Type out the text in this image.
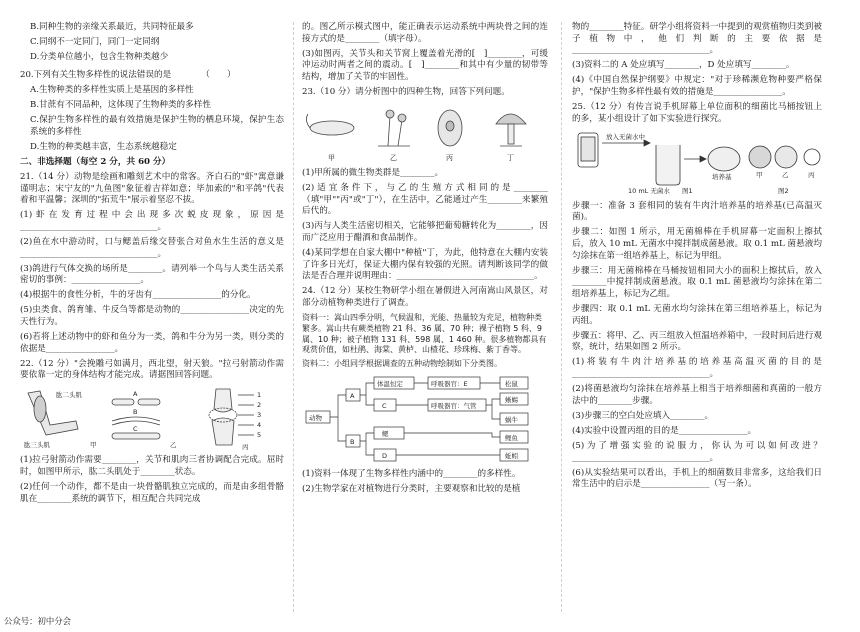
B.同种生物的亲缘关系最近，共同特征最多
C.同纲不一定同门，同门一定同纲
D.分类单位越小，包含生物种类越少
20.下列有关生物多样性的说法错误的是　　　　（　　）
A.生物种类的多样性实质上是基因的多样性
B.甘蔗有不同品种，这体现了生物种类的多样性
C.保护生物多样性的最有效措施是保护生物的栖息环境，保护生态系统的多样性
D.生物的种类越丰富，生态系统越稳定
二、非选择题（每空 2 分，共 60 分）
21.（14 分）动物是绘画和雕刻艺术中的常客。齐白石的"虾"寓意谦谨明志；宋宁友的"九鱼图"象征着吉祥如意；毕加索的"和平鸽"代表着和平温馨；深圳的"拓荒牛"展示着坚忍不拔。
(1)虾在发育过程中会出现多次蜕皮现象，原因是________________________________。
(2)鱼在水中游动时，口与鳃盖后缘交替张合对鱼水生生活的意义是________________________________。
(3)鸽进行气体交换的场所是________。请列举一个鸟与人类生活关系密切的事例：________________。
(4)根据牛的食性分析，牛的牙齿有________________的分化。
(5)虫类食、鸽育雏、牛反刍等都是动物的________________决定的先天性行为。
(6)若将上述动物中的虾和鱼分为一类，鸽和牛分为另一类，则分类的依据是________________。
22.（12 分）"会挽雕弓如满月，西北望，射天狼。"拉弓射箭动作需要依靠一定的身体结构才能完成。请据图回答问题。
肱二头肌
肱三头肌
A
B
C
1
2
3
4
5
甲	乙	丙
(1)拉弓射箭动作需要________，关节和肌肉三者协调配合完成。屈时时，如图甲所示，肱二头肌处于________状态。
(2)任何一个动作，都不是由一块骨骼肌独立完成的，而是由多组骨骼肌在________系统的调节下，相互配合共同完成
的。图乙所示模式图中，能正确表示运动系统中两块骨之间的连接方式的是________（填字母）。
(3)如图丙，关节头和关节窝上覆盖着光滑的[　]________，可缓冲运动时两者之间的震动。[　]________和其中有少量的韧带等结构，增加了关节的牢固性。
23.（10 分）请分析图中的四种生物，回答下列问题。
甲	乙	丙	丁
(1)甲所属的微生物类群是________。
(2)适宜条件下，与乙的生殖方式相同的是________（填"甲""丙"或"丁"），在生活中，乙能通过产生________来繁殖后代的。
(3)丙与人类生活密切相关，它能够把葡萄糖转化为________，因而广泛应用于醋酒和食品制作。
(4)某同学想在自家大棚中"种植"丁，为此，他特意在大棚内安装了许多日光灯，保证大棚内保有较强的光照。请判断该同学的做法是否合理并说明理由：________________________________。
24.（12 分）某校生物研学小组在暑假进入河南嵩山风景区，对部分动植物种类进行了调查。
资料一：嵩山四季分明，气候温和，光能、热量较为充足，植物种类繁多。嵩山共有蕨类植物 21 科、36 属、70 种；裸子植物 5 科、9 属、10 种；被子植物 131 科、598 属、1 460 种。很多植物都具有观赏价值，如杜鹃、海棠、黄栌、山楂花、珍珠梅、紫丁香等。
资料二：小组同学根据调查的五种动物绘制如下分类图。
动物
A
B
体温恒定
C
鳃
D
呼吸器官：E
呼吸器官：气管
松鼠
蜥蜴
蜗牛
鲤鱼
蚯蚓
(1)资料一体现了生物多样性内涵中的________的多样性。
(2)生物学家在对植物进行分类时，主要观察和比较的是植
物的________特征。研学小组将资料一中提到的观赏植物归类到被子植物中，他们判断的主要依据是________________________________。
(3)资料二的 A 处应填写________，D 处应填写________。
(4)《中国自然保护纲要》中规定："对于珍稀濒危物种要严格保护，"保护生物多样性最有效的措施是________________。
25.（12 分）有传言说手机屏幕上单位面积的细菌比马桶按钮上的多，某小组设计了如下实验进行探究。
放入无菌水中
培养基
10 mL 无菌水
甲	乙	丙
图1	图2
步骤一：准备 3 套相同的装有牛肉汁培养基的培养基(已高温灭菌)。
步骤二：如图 1 所示，用无菌棉棒在手机屏幕一定面积上擦拭后，放入 10 mL 无菌水中搅拌制成菌悬液。取 0.1 mL 菌悬液均匀涂抹在第一组培养基上，标记为甲组。
步骤三：用无菌棉棒在马桶按钮相同大小的面积上擦拭后，放入________中搅拌制成菌悬液。取 0.1 mL 菌悬液均匀涂抹在第二组培养基上，标记为乙组。
步骤四：取 0.1 mL 无菌水均匀涂抹在第三组培养基上，标记为丙组。
步骤五：将甲、乙、丙三组放入恒温培养箱中，一段时间后进行观察，统计，结果如图 2 所示。
(1)将装有牛肉汁培养基的培养基高温灭菌的目的是________________________________。
(2)将菌悬液均匀涂抹在培养基上相当于培养细菌和真菌的一般方法中的________步骤。
(3)步骤三的空白处应填入________。
(4)实验中设置丙组的目的是________________。
(5)为了增强实验的说服力，你认为可以如何改进？________________________________。
(6)从实验结果可以看出，手机上的细菌数目非常多，这给我们日常生活中的启示是________________（写一条）。
公众号：初中分会
